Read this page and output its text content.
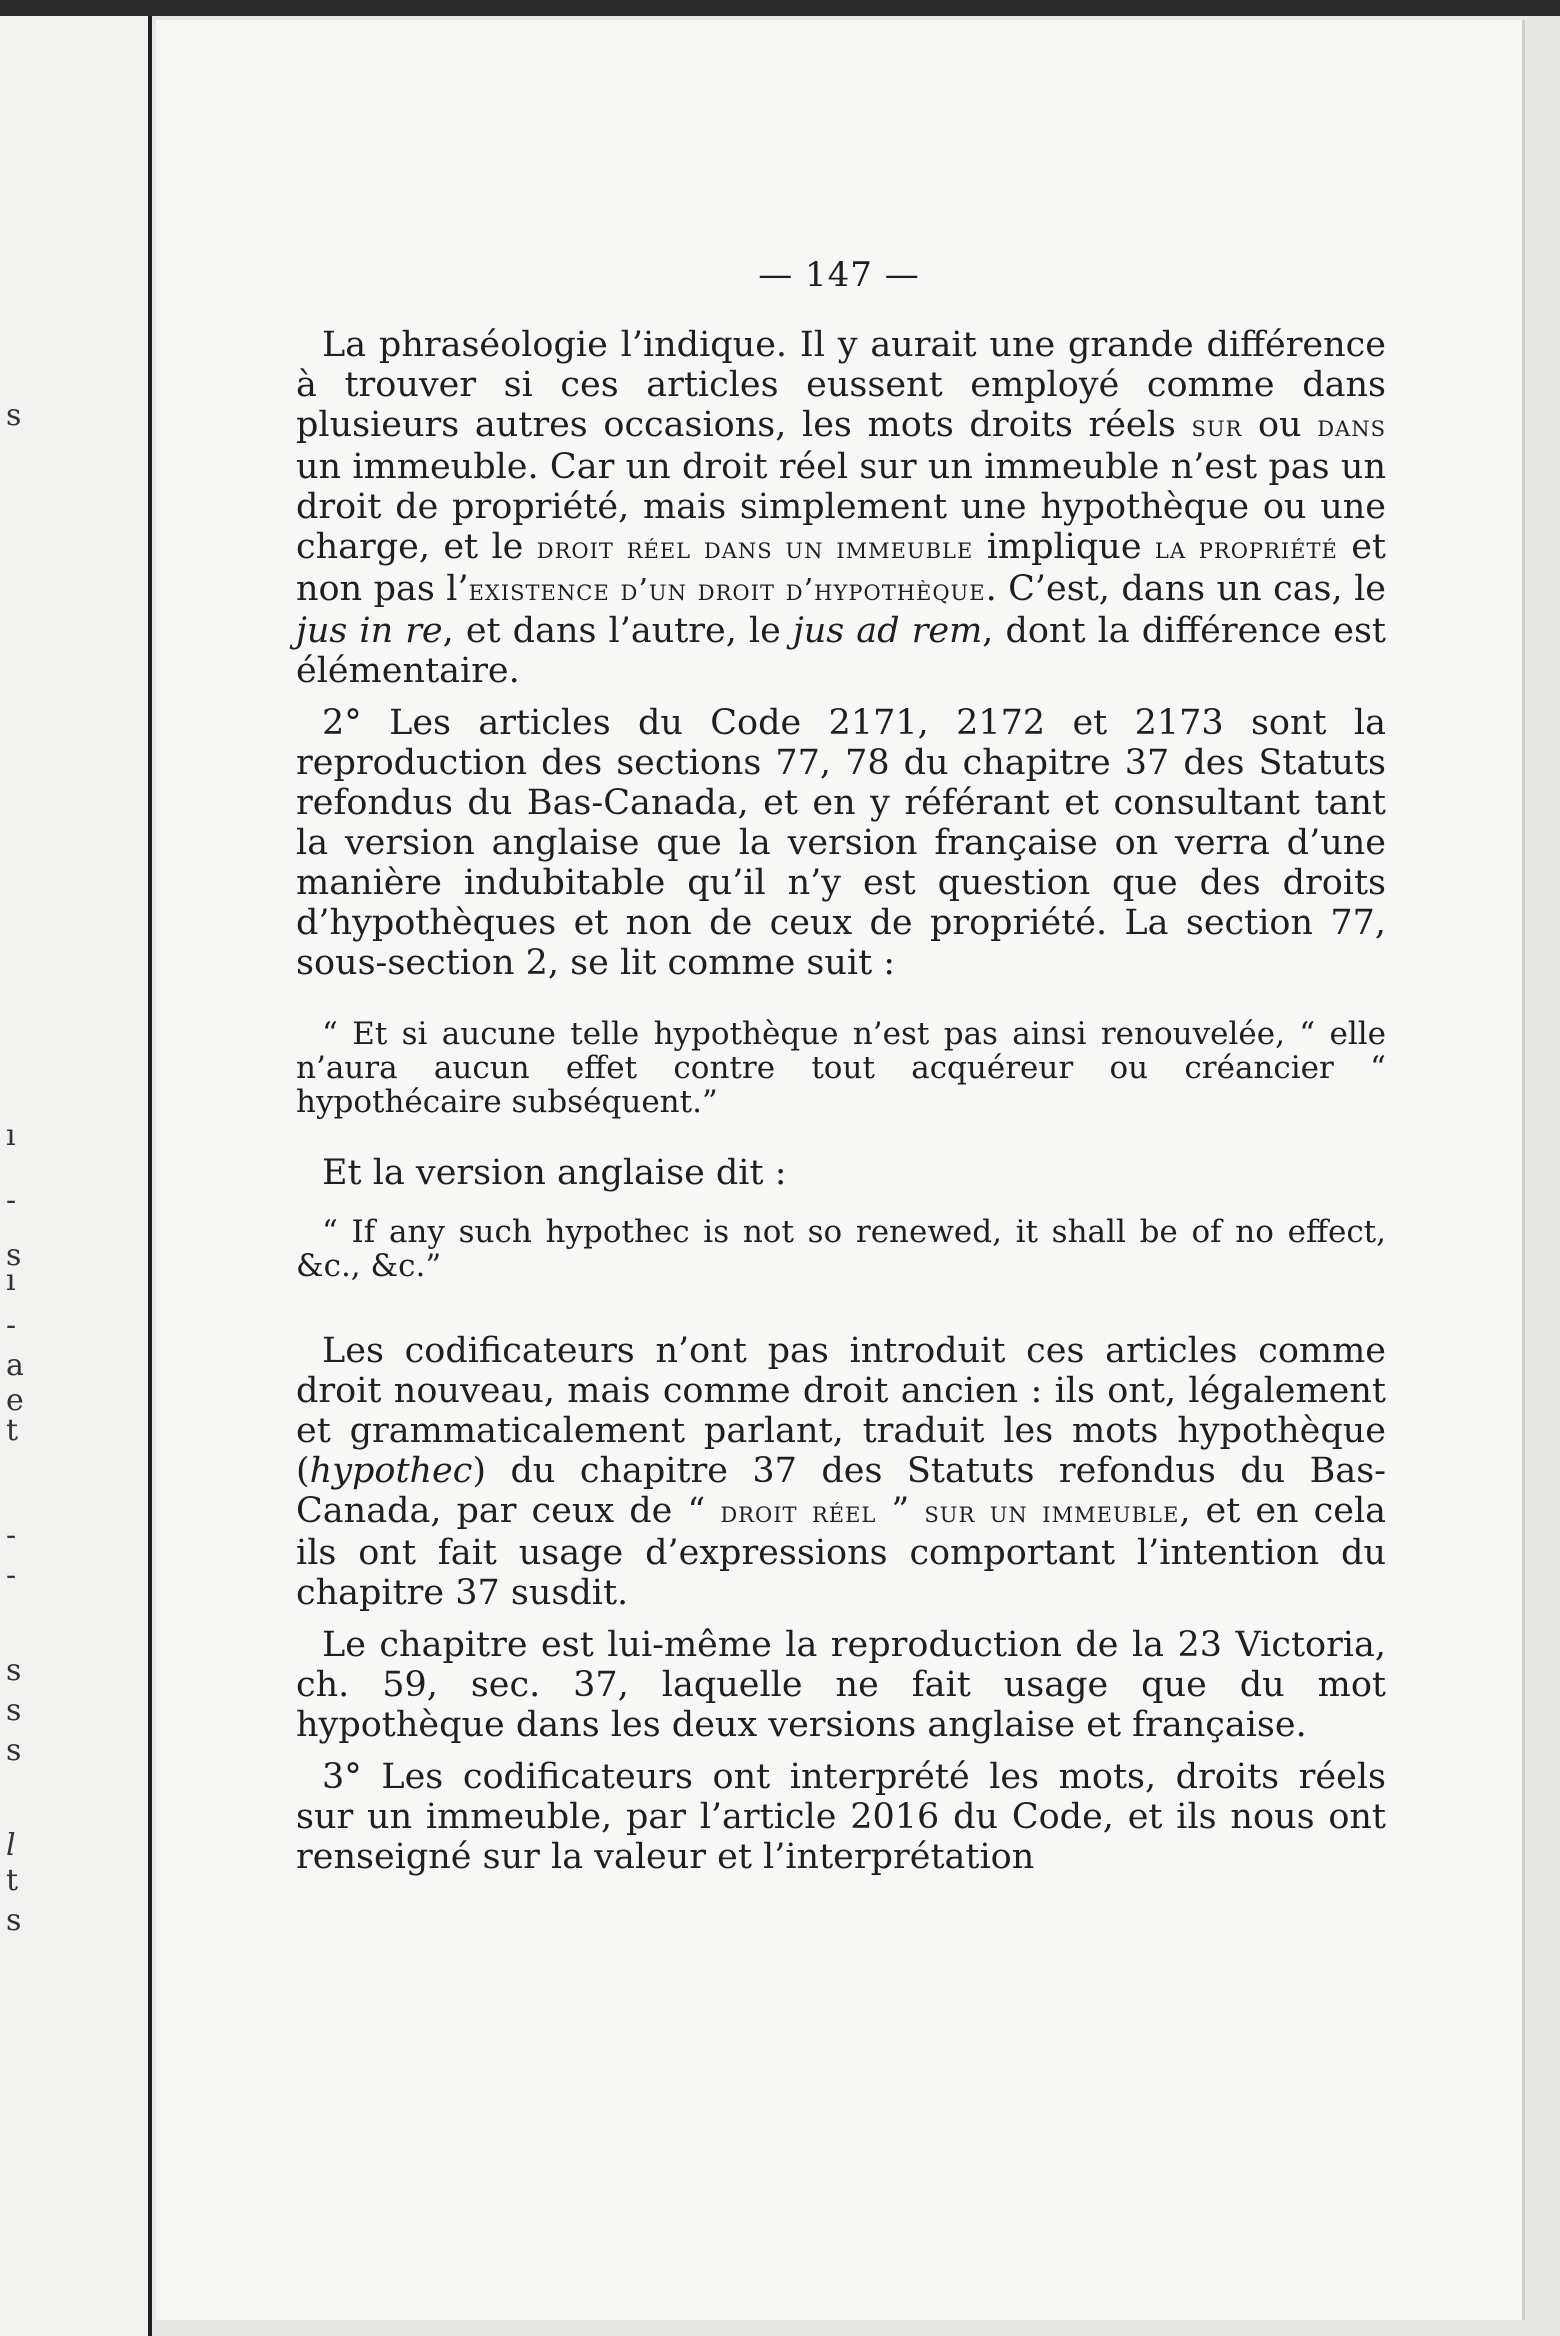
s
ı
-
s
ı
-
a
e
t
-
-
s
s
s
l
t
s
— 147 —

La phraséologie l’indique. Il y aurait une grande différence à trouver si ces articles eussent employé comme dans plusieurs autres occasions, les mots droits réels sur ou dans un immeuble. Car un droit réel sur un immeuble n’est pas un droit de propriété, mais simplement une hypothèque ou une charge, et le droit réel dans un immeuble implique la propriété et non pas l’existence d’un droit d’hypothèque. C’est, dans un cas, le jus in re, et dans l’autre, le jus ad rem, dont la différence est élémentaire.

2° Les articles du Code 2171, 2172 et 2173 sont la reproduction des sections 77, 78 du chapitre 37 des Statuts refondus du Bas-Canada, et en y référant et consultant tant la version anglaise que la version française on verra d’une manière indubitable qu’il n’y est question que des droits d’hypothèques et non de ceux de propriété. La section 77, sous-section 2, se lit comme suit :

“ Et si aucune telle hypothèque n’est pas ainsi renouvelée, “ elle n’aura aucun effet contre tout acquéreur ou créancier “ hypothécaire subséquent.”

Et la version anglaise dit :

“ If any such hypothec is not so renewed, it shall be of no effect, &c., &c.”

Les codificateurs n’ont pas introduit ces articles comme droit nouveau, mais comme droit ancien : ils ont, légalement et grammaticalement parlant, traduit les mots hypothèque (hypothec) du chapitre 37 des Statuts refondus du Bas-Canada, par ceux de “ droit réel ” sur un immeuble, et en cela ils ont fait usage d’expressions comportant l’intention du chapitre 37 susdit.

Le chapitre est lui-même la reproduction de la 23 Victoria, ch. 59, sec. 37, laquelle ne fait usage que du mot hypothèque dans les deux versions anglaise et française.

3° Les codificateurs ont interprété les mots, droits réels sur un immeuble, par l’article 2016 du Code, et ils nous ont renseigné sur la valeur et l’interprétation
